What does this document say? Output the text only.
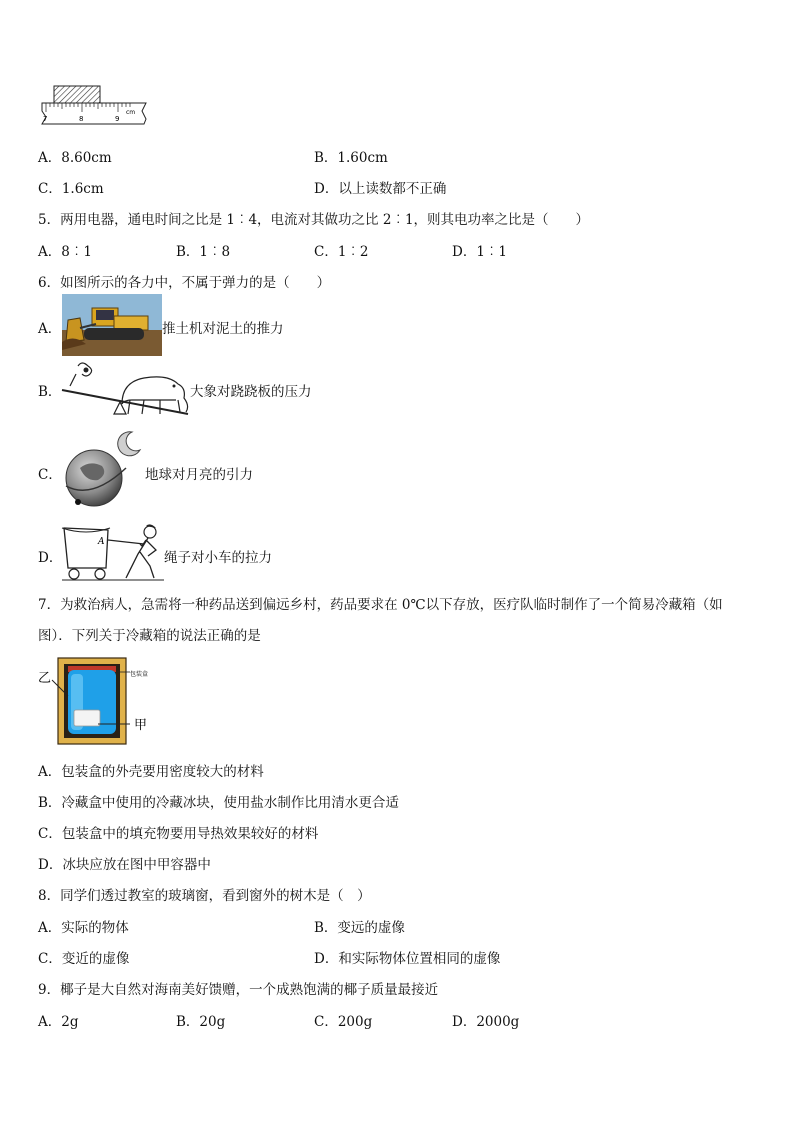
7	8	9
cm
A．8.60cm	B．1.60cm
C．1.6cm	D．以上读数都不正确
5．两用电器，通电时间之比是 1︰4，电流对其做功之比 2︰1，则其电功率之比是（　　）
A．8︰1	B．1︰8	C．1︰2	D．1︰1
6．如图所示的各力中，不属于弹力的是（　　）
A．	推土机对泥土的推力
B．	大象对跷跷板的压力
C．	地球对月亮的引力
D．
A
绳子对小车的拉力
7．为救治病人，急需将一种药品送到偏远乡村，药品要求在 0℃以下存放，医疗队临时制作了一个简易冷藏箱（如
图）．下列关于冷藏箱的说法正确的是
乙	包装盒
甲
A．包装盒的外壳要用密度较大的材料
B．冷藏盒中使用的冷藏冰块，使用盐水制作比用清水更合适
C．包装盒中的填充物要用导热效果较好的材料
D．冰块应放在图中甲容器中
8．同学们透过教室的玻璃窗，看到窗外的树木是（　）
A．实际的物体	B．变远的虚像
C．变近的虚像	D．和实际物体位置相同的虚像
9．椰子是大自然对海南美好馈赠，一个成熟饱满的椰子质量最接近
A．2g	B．20g	C．200g	D．2000g
